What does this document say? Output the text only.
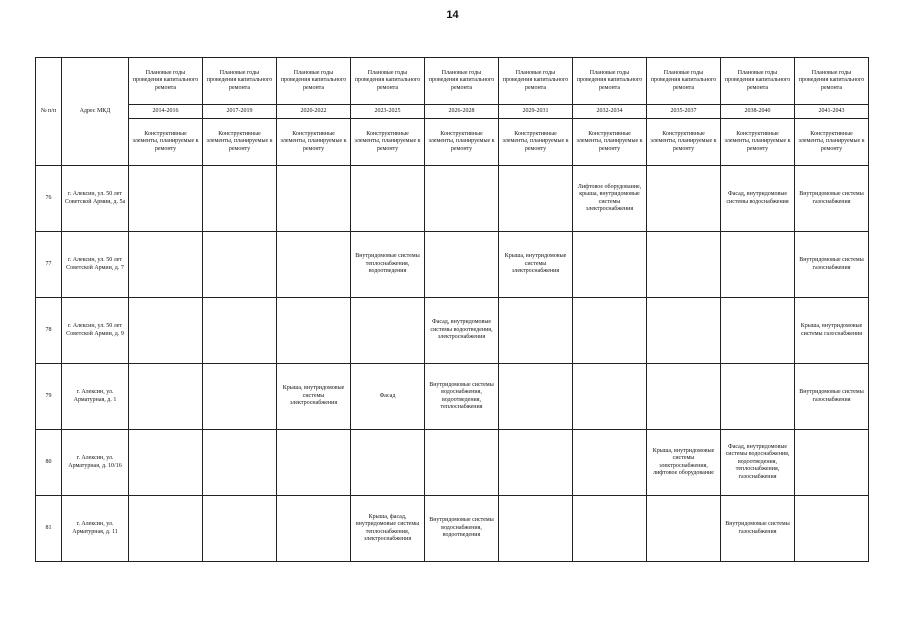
14
№ п/п	Адрес МКД	Плановые годы проведения капитального ремонта	Плановые годы проведения капитального ремонта	Плановые годы проведения капитального ремонта	Плановые годы проведения капитального ремонта	Плановые годы проведения капитального ремонта	Плановые годы проведения капитального ремонта	Плановые годы проведения капитального ремонта	Плановые годы проведения капитального ремонта	Плановые годы проведения капитального ремонта	Плановые годы проведения капитального ремонта
		2014-2016	2017-2019	2020-2022	2023-2025	2026-2028	2029-2031	2032-2034	2035-2037	2038-2040	2041-2043
		Конструктивные элементы, планируемые к ремонту	Конструктивные элементы, планируемые к ремонту	Конструктивные элементы, планируемые к ремонту	Конструктивные элементы, планируемые к ремонту	Конструктивные элементы, планируемые к ремонту	Конструктивные элементы, планируемые к ремонту	Конструктивные элементы, планируемые к ремонту	Конструктивные элементы, планируемые к ремонту	Конструктивные элементы, планируемые к ремонту	Конструктивные элементы, планируемые к ремонту
76	г. Алексин, ул. 50 лет Советской Армии, д. 5а							Лифтовое оборудование, крыша, внутридомовые системы электроснабжения		Фасад, внутридомовые системы водоснабжения	Внутридомовые системы газоснабжения
77	г. Алексин, ул. 50 лет Советской Армии, д. 7				Внутридомовые системы теплоснабжения, водоотведения		Крыша, внутридомовые системы электроснабжения				Внутридомовые системы газоснабжения
78	г. Алексин, ул. 50 лет Советской Армии, д. 9					Фасад, внутридомовые системы водоотведения, электроснабжения					Крыша, внутридомовые системы газоснабжения
79	г. Алексин, ул. Арматурная, д. 1			Крыша, внутридомовые системы электроснабжения	Фасад	Внутридомовые системы водоснабжения, водоотведения, теплоснабжения					Внутридомовые системы газоснабжения
80	г. Алексин, ул. Арматурная, д. 10/16								Крыша, внутридомовые системы электроснабжения, лифтовое оборудование	Фасад, внутридомовые системы водоснабжения, водоотведения, теплоснабжения, газоснабжения	
81	г. Алексин, ул. Арматурная, д. 11				Крыша, фасад, внутридомовые системы теплоснабжения, электроснабжения	Внутридомовые системы водоснабжения, водоотведения				Внутридомовые системы газоснабжения	
